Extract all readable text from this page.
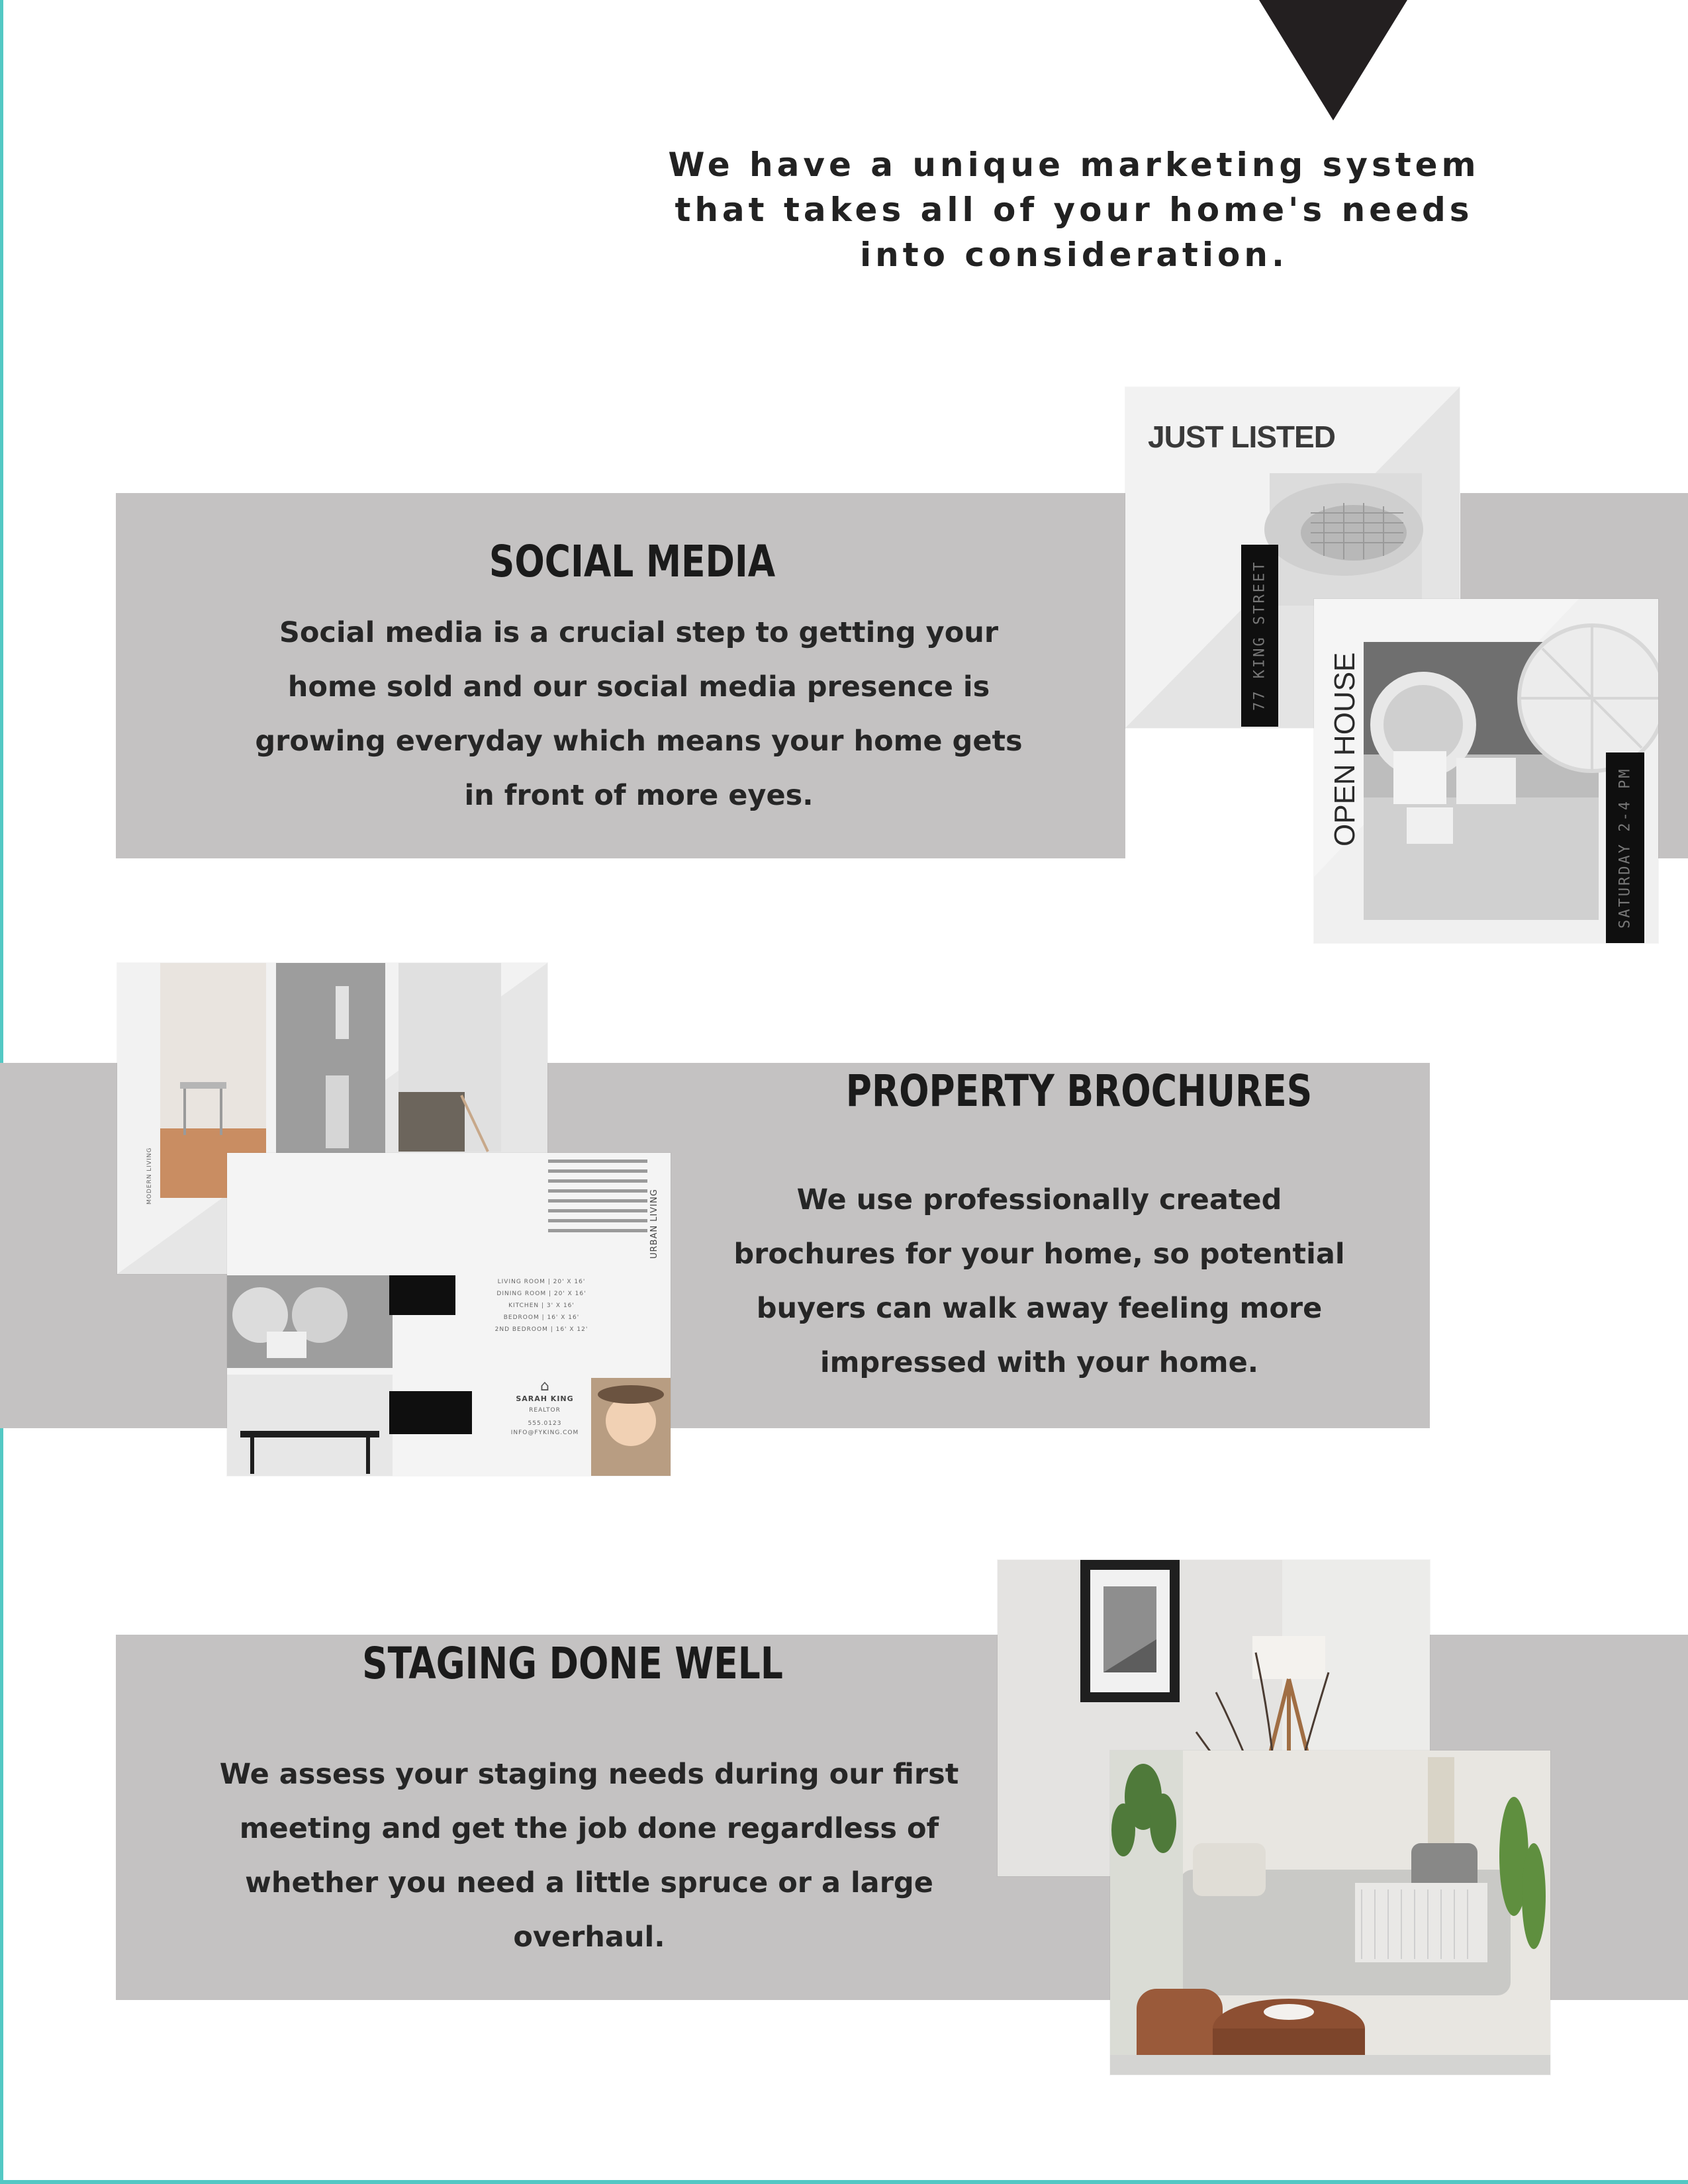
We have a unique marketing system that takes all of your home's needs into consideration.
SOCIAL MEDIA
Social media is a crucial step to getting your home sold and our social media presence is growing everyday which means your home gets in front of more eyes.
JUST LISTED
77 KING STREET
OPEN HOUSE
SATURDAY 2-4 PM
MODERN LIVING
URBAN LIVING
LIVING ROOM | 20' X 16'
DINING ROOM | 20' X 16'
KITCHEN | 3' X 16'
BEDROOM | 16' X 16'
2ND BEDROOM | 16' X 12'
⌂
SARAH KING
REALTOR
555.0123
INFO@FYKING.COM
PROPERTY BROCHURES
We use professionally created brochures for your home, so potential buyers can walk away feeling more impressed with your home.
STAGING DONE WELL
We assess your staging needs during our first meeting and get the job done regardless of whether you need a little spruce or a large overhaul.
